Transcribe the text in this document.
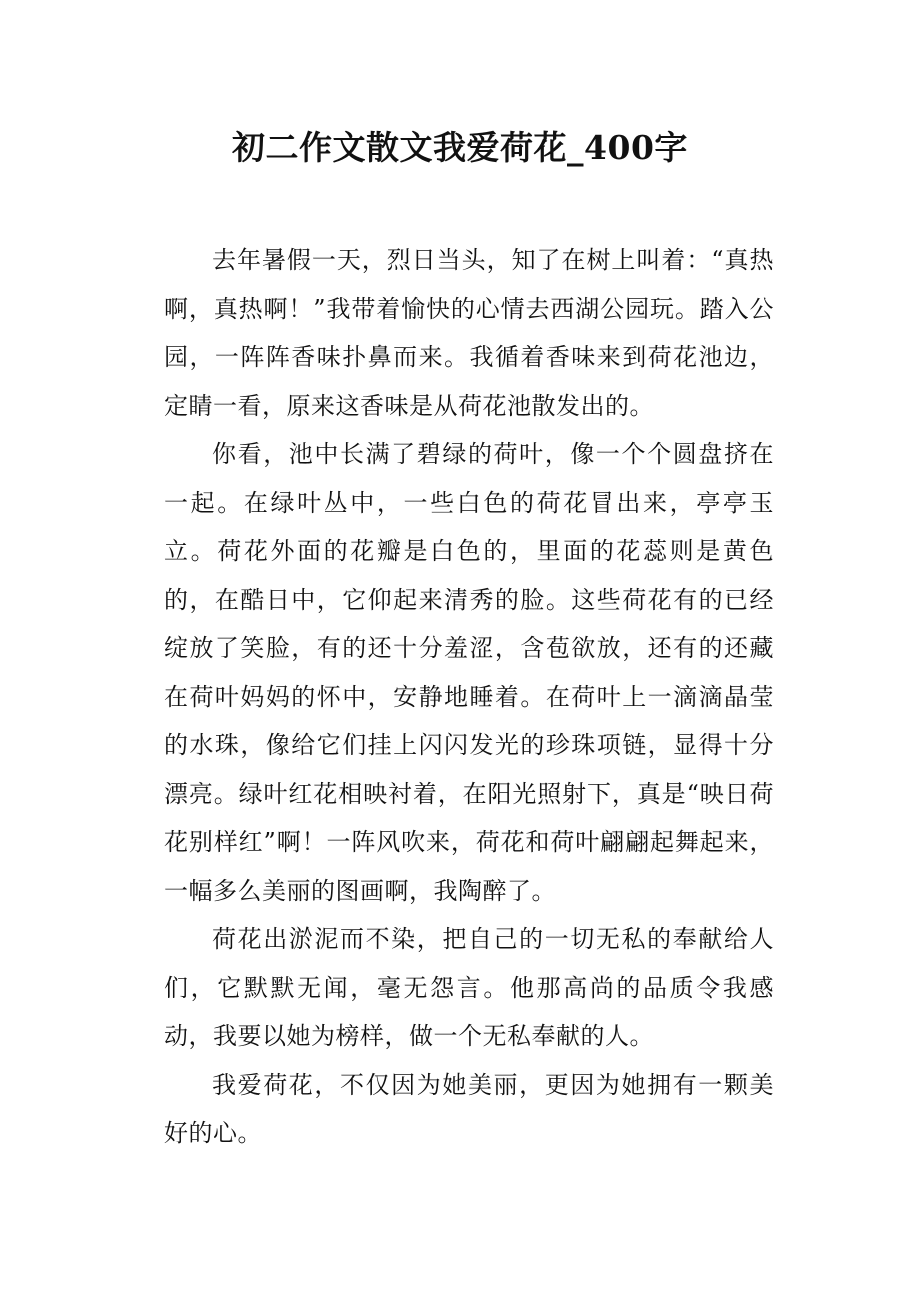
初二作文散文我爱荷花_400字

去年暑假一天，烈日当头，知了在树上叫着：“真热啊，真热啊！”我带着愉快的心情去西湖公园玩。踏入公园，一阵阵香味扑鼻而来。我循着香味来到荷花池边，定睛一看，原来这香味是从荷花池散发出的。

你看，池中长满了碧绿的荷叶，像一个个圆盘挤在一起。在绿叶丛中，一些白色的荷花冒出来，亭亭玉立。荷花外面的花瓣是白色的，里面的花蕊则是黄色的，在酷日中，它仰起来清秀的脸。这些荷花有的已经绽放了笑脸，有的还十分羞涩，含苞欲放，还有的还藏在荷叶妈妈的怀中，安静地睡着。在荷叶上一滴滴晶莹的水珠，像给它们挂上闪闪发光的珍珠项链，显得十分漂亮。绿叶红花相映衬着，在阳光照射下，真是“映日荷花别样红”啊！一阵风吹来，荷花和荷叶翩翩起舞起来，一幅多么美丽的图画啊，我陶醉了。

荷花出淤泥而不染，把自己的一切无私的奉献给人们，它默默无闻，毫无怨言。他那高尚的品质令我感动，我要以她为榜样，做一个无私奉献的人。

我爱荷花，不仅因为她美丽，更因为她拥有一颗美好的心。
